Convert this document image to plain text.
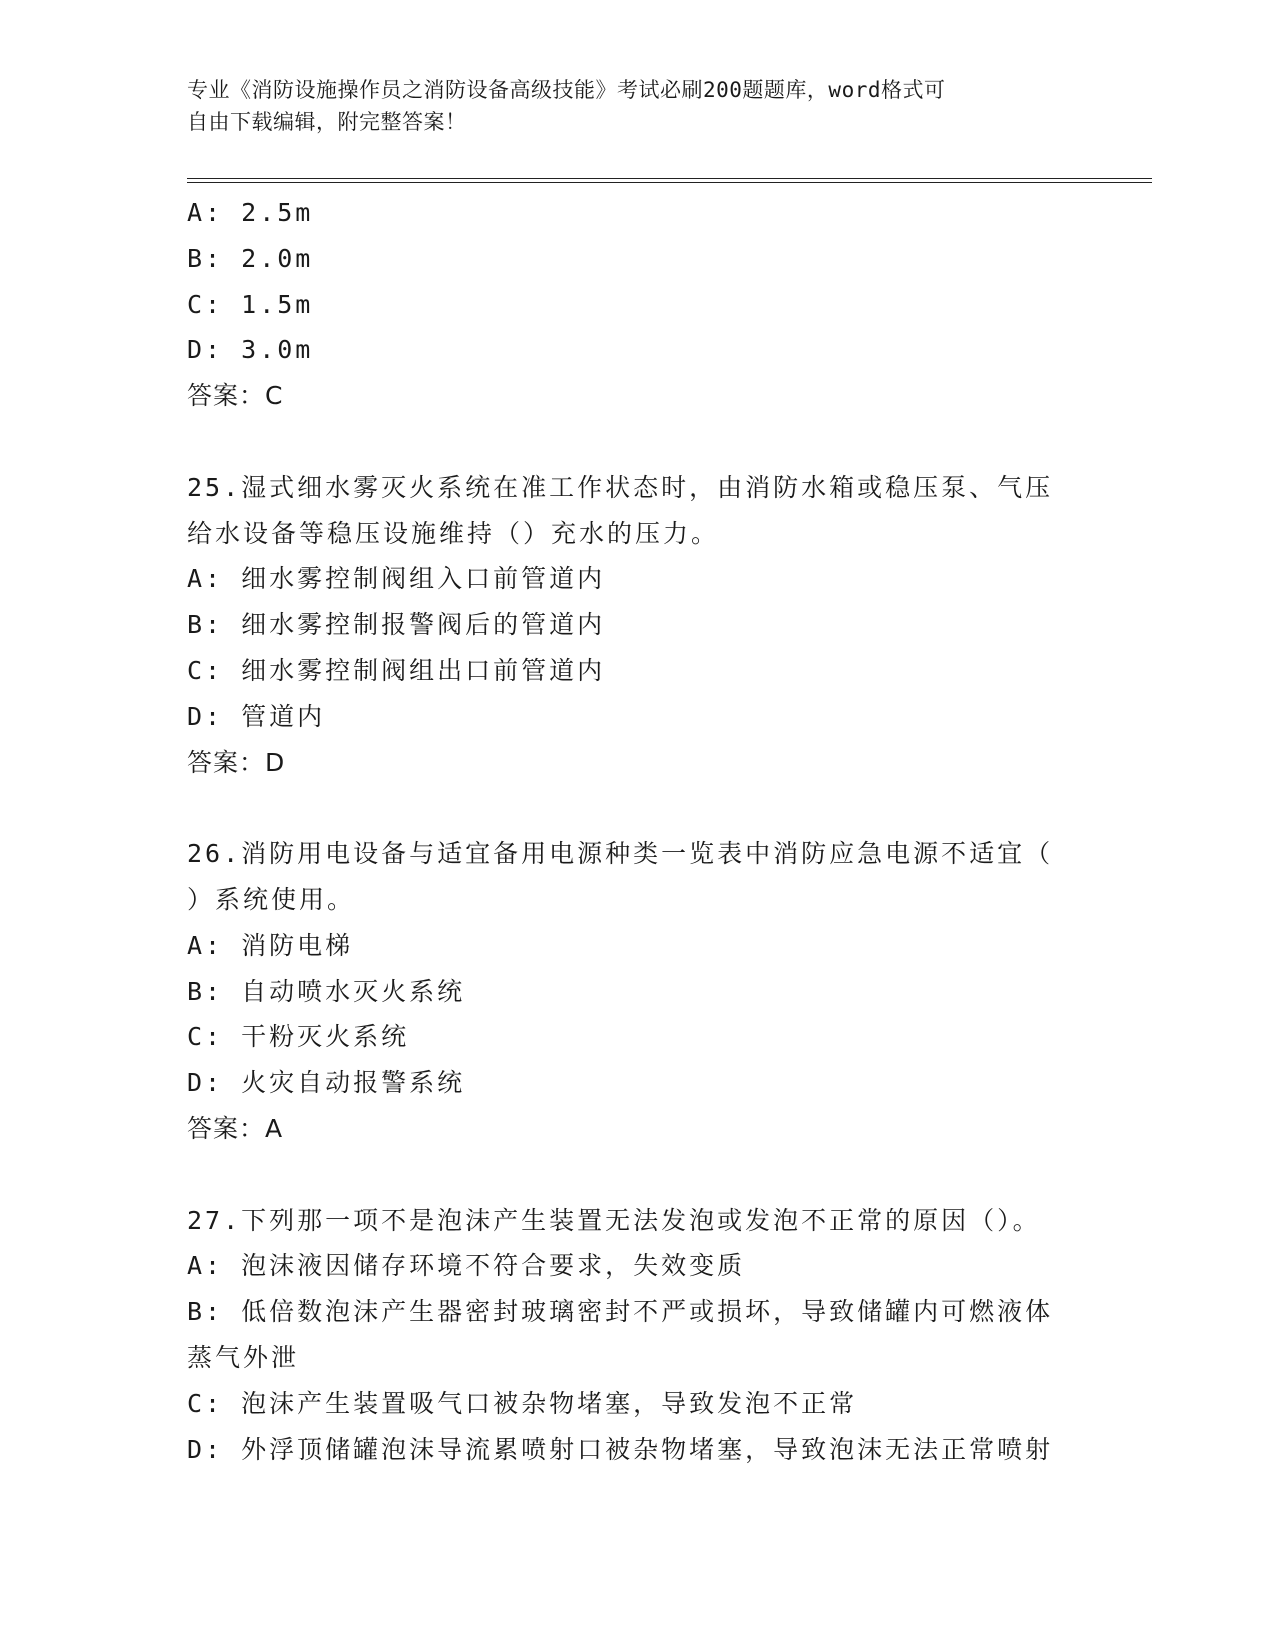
专业《消防设施操作员之消防设备高级技能》考试必刷200题题库，word格式可
自由下载编辑，附完整答案！
A: 2.5m
B: 2.0m
C: 1.5m
D: 3.0m
答案：C
25.湿式细水雾灭火系统在准工作状态时，由消防水箱或稳压泵、气压
给水设备等稳压设施维持（）充水的压力。
A: 细水雾控制阀组入口前管道内
B: 细水雾控制报警阀后的管道内
C: 细水雾控制阀组出口前管道内
D: 管道内
答案：D
26.消防用电设备与适宜备用电源种类一览表中消防应急电源不适宜（
）系统使用。
A: 消防电梯
B: 自动喷水灭火系统
C: 干粉灭火系统
D: 火灾自动报警系统
答案：A
27.下列那一项不是泡沫产生装置无法发泡或发泡不正常的原因（）。
A: 泡沫液因储存环境不符合要求，失效变质
B: 低倍数泡沫产生器密封玻璃密封不严或损坏，导致储罐内可燃液体
蒸气外泄
C: 泡沫产生装置吸气口被杂物堵塞，导致发泡不正常
D: 外浮顶储罐泡沫导流累喷射口被杂物堵塞，导致泡沫无法正常喷射
